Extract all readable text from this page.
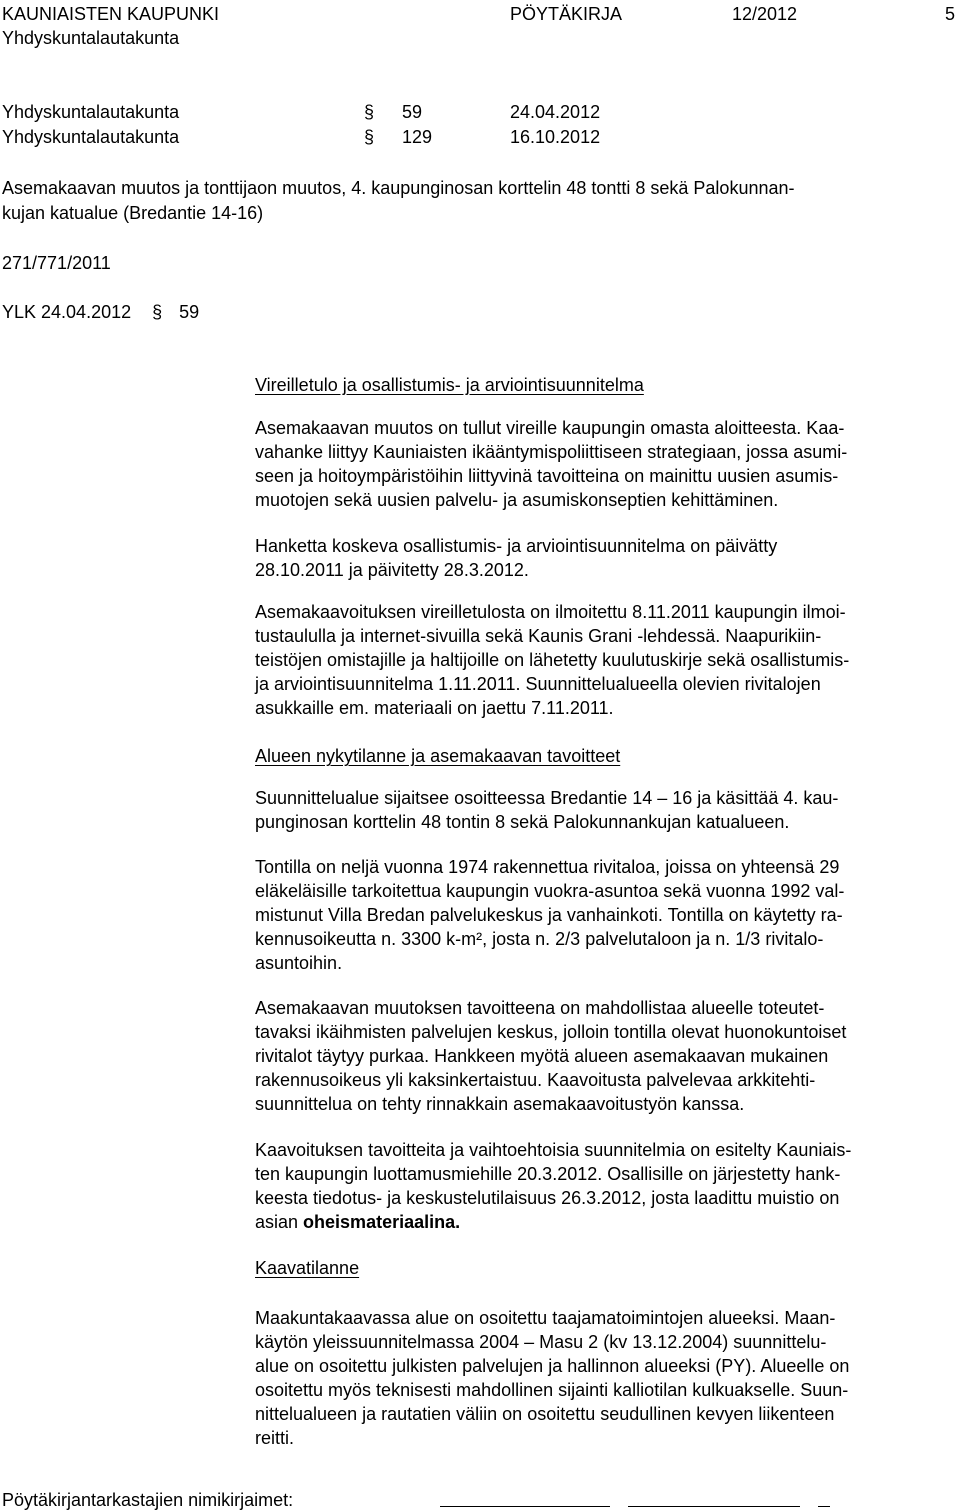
KAUNIAISTEN KAUPUNKI
Yhdyskuntalautakunta
PÖYTÄKIRJA	12/2012	5
Yhdyskuntalautakunta	§	59	24.04.2012
Yhdyskuntalautakunta	§	129	16.10.2012
Asemakaavan muutos ja tonttijaon muutos, 4. kaupunginosan korttelin 48 tontti 8 sekä Palokunnan-
kujan katualue (Bredantie 14-16)
271/771/2011
YLK 24.04.2012 § 59
Vireilletulo ja osallistumis- ja arviointisuunnitelma
Asemakaavan muutos on tullut vireille kaupungin omasta aloitteesta. Kaa-
vahanke liittyy Kauniaisten ikääntymispoliittiseen strategiaan, jossa asumi-
seen ja hoitoympäristöihin liittyvinä tavoitteina on mainittu uusien asumis-
muotojen sekä uusien palvelu- ja asumiskonseptien kehittäminen.
Hanketta koskeva osallistumis- ja arviointisuunnitelma on päivätty
28.10.2011 ja päivitetty 28.3.2012.
Asemakaavoituksen vireilletulosta on ilmoitettu 8.11.2011 kaupungin ilmoi-
tustaululla ja internet-sivuilla sekä Kaunis Grani -lehdessä. Naapurikiin-
teistöjen omistajille ja haltijoille on lähetetty kuulutuskirje sekä osallistumis-
ja arviointisuunnitelma 1.11.2011. Suunnittelualueella olevien rivitalojen
asukkaille em. materiaali on jaettu 7.11.2011.
Alueen nykytilanne ja asemakaavan tavoitteet
Suunnittelualue sijaitsee osoitteessa Bredantie 14 – 16 ja käsittää 4. kau-
punginosan korttelin 48 tontin 8 sekä Palokunnankujan katualueen.
Tontilla on neljä vuonna 1974 rakennettua rivitaloa, joissa on yhteensä 29
eläkeläisille tarkoitettua kaupungin vuokra-asuntoa sekä vuonna 1992 val-
mistunut Villa Bredan palvelukeskus ja vanhainkoti. Tontilla on käytetty ra-
kennusoikeutta n. 3300 k-m², josta n. 2/3 palvelutaloon ja n. 1/3 rivitalo-
asuntoihin.
Asemakaavan muutoksen tavoitteena on mahdollistaa alueelle toteutet-
tavaksi ikäihmisten palvelujen keskus, jolloin tontilla olevat huonokuntoiset
rivitalot täytyy purkaa. Hankkeen myötä alueen asemakaavan mukainen
rakennusoikeus yli kaksinkertaistuu. Kaavoitusta palvelevaa arkkitehti-
suunnittelua on tehty rinnakkain asemakaavoitustyön kanssa.
Kaavoituksen tavoitteita ja vaihtoehtoisia suunnitelmia on esitelty Kauniais-
ten kaupungin luottamusmiehille 20.3.2012. Osallisille on järjestetty hank-
keesta tiedotus- ja keskustelutilaisuus 26.3.2012, josta laadittu muistio on
asian oheismateriaalina.
Kaavatilanne
Maakuntakaavassa alue on osoitettu taajamatoimintojen alueeksi. Maan-
käytön yleissuunnitelmassa 2004 – Masu 2 (kv 13.12.2004) suunnittelu-
alue on osoitettu julkisten palvelujen ja hallinnon alueeksi (PY). Alueelle on
osoitettu myös teknisesti mahdollinen sijainti kalliotilan kulkuakselle. Suun-
nittelualueen ja rautatien väliin on osoitettu seudullinen kevyen liikenteen
reitti.
Pöytäkirjantarkastajien nimikirjaimet:
